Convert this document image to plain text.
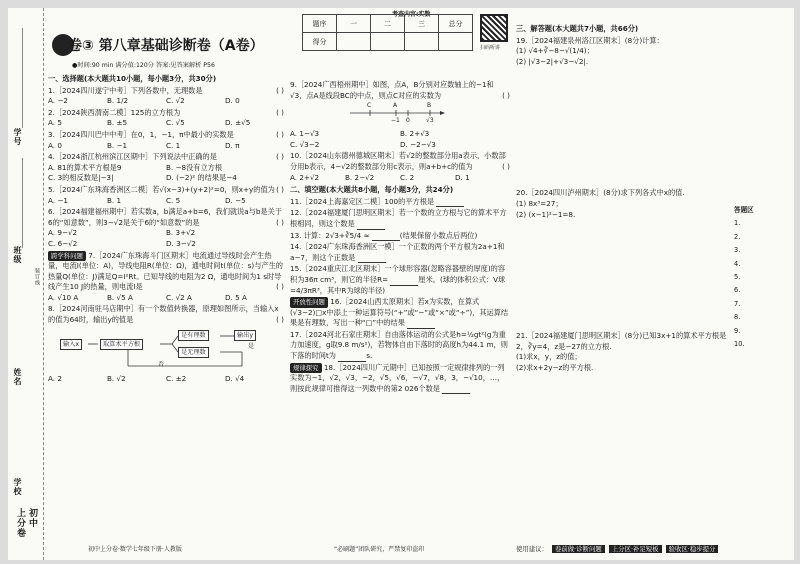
学号
班级
姓名
学校
初中
上分卷
装订线
考查内容:实数
卷③ 第八章基础诊断卷（A卷）
●时间:90 min 满分值:120分 答案:见答案解析 P56
题序	一	二	三	总分
得分				
扫码听讲
一、选择题(本大题共10小题，每小题3分，共30分)
( )
1.［2024四川遂宁中考］下列各数中，无理数是
A. −2	B. 1/2	C. √2	D. 0
( )
2.［2024陕西渭南二模］125的立方根为
A. 5	B. ±5	C. √5	D. ±√5
( )
3.［2024四川巴中中考］在0，1，−1，π中最小的实数是
A. 0	B. −1	C. 1	D. π
( )
4.［2024浙江杭州滨江区期中］下列说法中正确的是
A. 81的算术平方根是9	B. −8没有立方根
C. 3的相反数是|−3|	D. (−2)² 的结果是−4
( )
5.［2024广东珠海香洲区二模］若√(x−3)+(y+2)²=0，则x+y的值为
A. −1	B. 1	C. 5	D. −5
6.［2024福建福州期中］若实数a，b满足a+b=6，我们就说a与b是关于6的“如意数”，则3−√2是关于6的“如意数”的是	( )
A. 9−√2	B. 3+√2
C. 6−√2	D. 3−√2
跨学科问题 7.［2024广东珠海斗门区期末］电流通过导线时会产生热量，电流I(单位：A)，导线电阻R(单位：Ω)，通电时间t(单位：s)与产生的热量Q(单位：J)满足Q=I²Rt。已知导线的电阻为2 Ω，通电时间为1 s时导线产生10 J的热量，则电流I是	( )
A. √10 A	B. √5 A	C. √2 A	D. 5 A
8.［2024河南驻马店期中］有一个数值转换器，原理如图所示，当输入x的值为64时，输出y的值是	( )
输入x	取算术平方根
是有理数
是无理数
输出y
是
否
A. 2	B. √2	C. ±2	D. √4
初中上分卷·数学七年级下册·人教版
9.［2024广西梧州期中］如图，点A，B分别对应数轴上的−1和√3，点A是线段BC的中点，则点C对应的实数为	( )
C	A	B
−1 0	√3
A. 1−√3	B. 2+√3
C. √3−2	D. −2−√3
10.［2024山东德州德城区期末］若√2的整数部分用a表示，小数部分用b表示，4−√2的整数部分用c表示，则a+b+c的值为	( )
A. 2+√2	B. 2−√2	C. 2	D. 1
二、填空题(本大题共8小题，每小题3分，共24分)
11.［2024上海嘉定区二模］100的平方根是
12.［2024福建厦门思明区期末］若一个数的立方根与它的算术平方根相同，则这个数是
13. 计算：2√3+∛5/4 ≈	(结果保留小数点后两位)
14.［2024广东珠海香洲区一模］一个正数的两个平方根为2a+1和a−7，则这个正数是
15.［2024重庆江北区期末］一个球形容器(忽略容器壁的厚度)的容积为36π cm³，则它的半径R=	厘米。(球的体积公式：V球=4/3πR³，其中R为球的半径)
开放性问题 16.［2024山西太原期末］若x为实数，在算式(√3−2)□x中添上一种运算符号(“+”或“−”或“×”或“÷”)，其运算结果是有理数，写出一种“□”中的结果
17.［2024河北石家庄期末］自由落体运动的公式是h=½gt²(g为重力加速度，g取9.8 m/s²)，若物体自由下落时的高度h为44.1 m，则下落的时间t为	s.
规律探究 18.［2024四川广元期中］已知按照一定规律排列的一列实数为−1，√2，√3，−2，√5，√6，−√7，√8，3，−√10，…，则按此规律可推得这一列数中的第2 026个数是
“必刷题”团队研究，严禁复印盗印
三、解答题(本大题共7小题，共66分)
19.［2024福建泉州洛江区期末］(8分)计算：
(1) √4+∛−8−√(1/4)；
(2) |√3−2|+√3−√2|.
20.［2024四川泸州期末］(8分)求下列各式中x的值.
(1) 8x³=27；
(2) (x−1)²−1=8.
21.［2024福建厦门思明区期末］(8分)已知3x+1的算术平方根是2，∛y=4，z是−27的立方根.
(1)求x，y，z的值；
(2)求x+2y−z的平方根.
使用建议： 卷前做·诊断问题 上分区·补足短板 验收区·稳步提分
答题区
1.
2.
3.
4.
5.
6.
7.
8.
9.
10.
